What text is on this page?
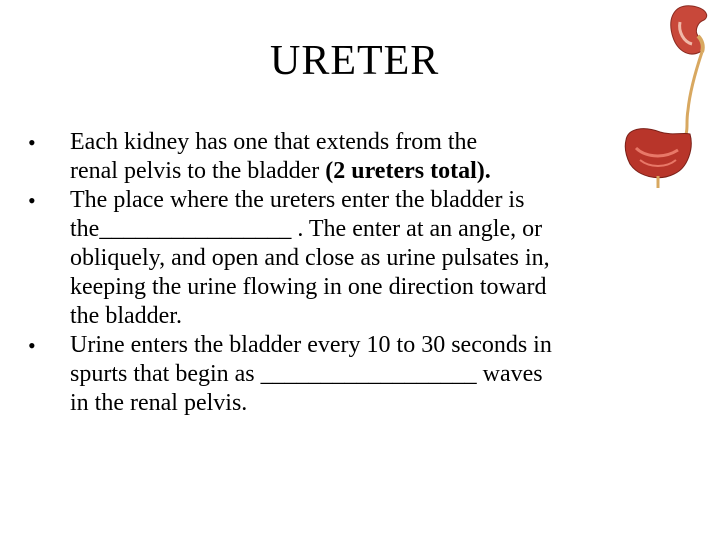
URETER
• Each kidney has one that extends from the
renal pelvis to the bladder (2 ureters total).
• The place where the ureters enter the bladder is
the________________ . The enter at an angle, or
obliquely, and open and close as urine pulsates in,
keeping the urine flowing in one direction toward
the bladder.
• Urine enters the bladder every 10 to 30 seconds in
spurts that begin as __________________ waves
in the renal pelvis.
